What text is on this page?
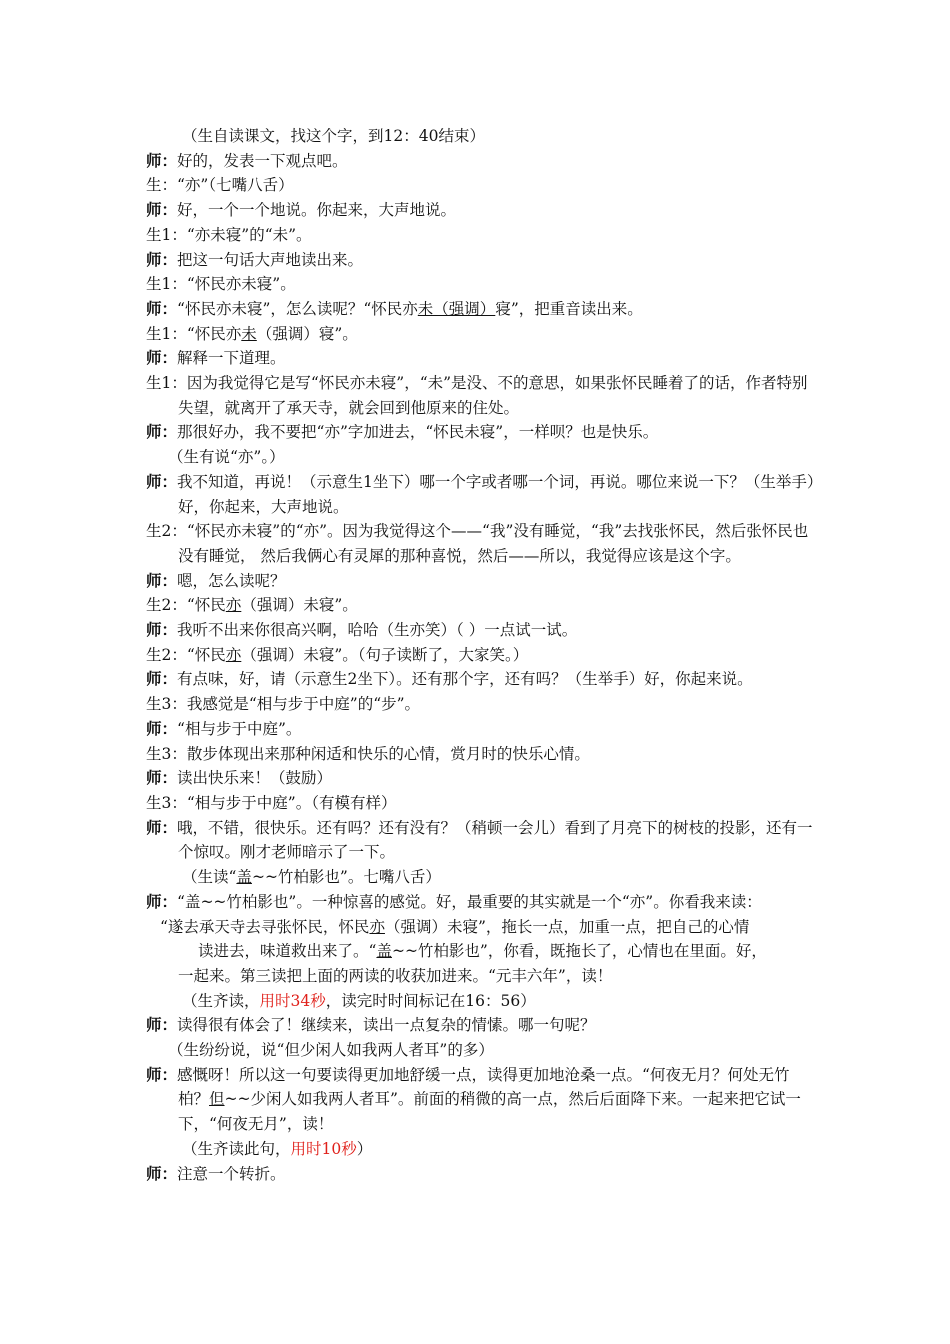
（生自读课文，找这个字，到12：40结束）
师：好的，发表一下观点吧。
生：“亦”（七嘴八舌）
师：好，一个一个地说。你起来，大声地说。
生1：“亦未寝”的“未”。
师：把这一句话大声地读出来。
生1：“怀民亦未寝”。
师：“怀民亦未寝”，怎么读呢？“怀民亦未（强调）寝”，把重音读出来。
生1：“怀民亦未（强调）寝”。
师：解释一下道理。
生1：因为我觉得它是写“怀民亦未寝”，“未”是没、不的意思，如果张怀民睡着了的话，作者特别失望，就离开了承天寺，就会回到他原来的住处。
师：那很好办，我不要把“亦”字加进去，“怀民未寝”，一样呗？也是快乐。
（生有说“亦”。）
师：我不知道，再说！（示意生1坐下）哪一个字或者哪一个词，再说。哪位来说一下？（生举手）好，你起来，大声地说。
生2：“怀民亦未寝”的“亦”。因为我觉得这个——“我”没有睡觉，“我”去找张怀民，然后张怀民也没有睡觉， 然后我俩心有灵犀的那种喜悦，然后——所以，我觉得应该是这个字。
师：嗯，怎么读呢？
生2：“怀民亦（强调）未寝”。
师：我听不出来你很高兴啊，哈哈（生亦笑）（ ）一点试一试。
生2：“怀民亦（强调）未寝”。（句子读断了，大家笑。）
师：有点味，好，请（示意生2坐下）。还有那个字，还有吗？（生举手）好，你起来说。
生3：我感觉是“相与步于中庭”的“步”。
师：“相与步于中庭”。
生3：散步体现出来那种闲适和快乐的心情，赏月时的快乐心情。
师：读出快乐来！（鼓励）
生3：“相与步于中庭”。（有模有样）
师：哦，不错，很快乐。还有吗？还有没有？（稍顿一会儿）看到了月亮下的树枝的投影，还有一个惊叹。刚才老师暗示了一下。
（生读“盖~~竹柏影也”。七嘴八舌）
师：“盖~~竹柏影也”。一种惊喜的感觉。好，最重要的其实就是一个“亦”。你看我来读：
“遂去承天寺去寻张怀民，怀民亦（强调）未寝”，拖长一点，加重一点，把自己的心情
读进去，味道救出来了。“盖~~竹柏影也”，你看，既拖长了，心情也在里面。好，
一起来。第三读把上面的两读的收获加进来。“元丰六年”，读！
（生齐读，用时34秒，读完时时间标记在16：56）
师：读得很有体会了！继续来，读出一点复杂的情愫。哪一句呢？
（生纷纷说，说“但少闲人如我两人者耳”的多）
师：感慨呀！所以这一句要读得更加地舒缓一点，读得更加地沧桑一点。“何夜无月？何处无竹柏？但~~少闲人如我两人者耳”。前面的稍微的高一点，然后后面降下来。一起来把它试一下，“何夜无月”，读！
（生齐读此句，用时10秒）
师：注意一个转折。
